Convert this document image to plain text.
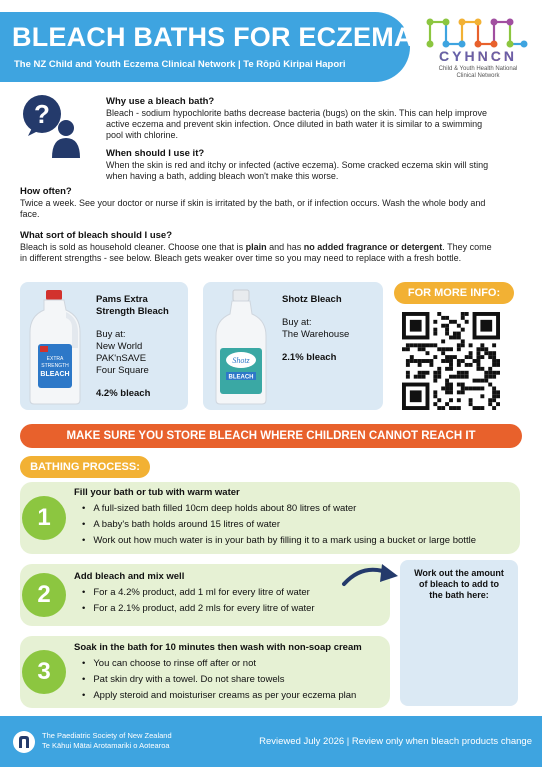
BLEACH BATHS FOR ECZEMA
The NZ Child and Youth Eczema Clinical Network | Te Rōpū Kiripai Hapori
CYHNCN
Child & Youth Health National
Clinical Network
?	Why use a bleach bath?
Bleach - sodium hypochlorite baths decrease bacteria (bugs) on the skin. This can help improve
active eczema and prevent skin infection. Once diluted in bath water it is similar to a swimming
pool with chlorine.
When should I use it?
When the skin is red and itchy or infected (active eczema). Some cracked eczema skin will sting
when having a bath, adding bleach won't make this worse.
How often?
Twice a week. See your doctor or nurse if skin is irritated by the bath, or if infection occurs. Wash the whole body and
face.
What sort of bleach should I use?
Bleach is sold as household cleaner. Choose one that is plain and has no added fragrance or detergent. They come
in different strengths - see below. Bleach gets weaker over time so you may need to replace with a fresh bottle.
EXTRA
STRENGTH
BLEACH
Pams Extra
Strength Bleach
Buy at:
New World
PAK'nSAVE
Four Square
4.2% bleach
Shotz
BLEACH
Shotz Bleach
Buy at:
The Warehouse
2.1% bleach
FOR MORE INFO:
MAKE SURE YOU STORE BLEACH WHERE CHILDREN CANNOT REACH IT
BATHING PROCESS:
1
Fill your bath or tub with warm water
• A full-sized bath filled 10cm deep holds about 80 litres of water
• A baby's bath holds around 15 litres of water
• Work out how much water is in your bath by filling it to a mark using a bucket or large bottle
2
Add bleach and mix well
• For a 4.2% product, add 1 ml for every litre of water
• For a 2.1% product, add 2 mls for every litre of water
Work out the amount
of bleach to add to
the bath here:
3
Soak in the bath for 10 minutes then wash with non-soap cream
• You can choose to rinse off after or not
• Pat skin dry with a towel. Do not share towels
• Apply steroid and moisturiser creams as per your eczema plan
The Paediatric Society of New Zealand
Te Kāhui Mātai Arotamariki o Aotearoa	Reviewed July 2026 | Review only when bleach products change
